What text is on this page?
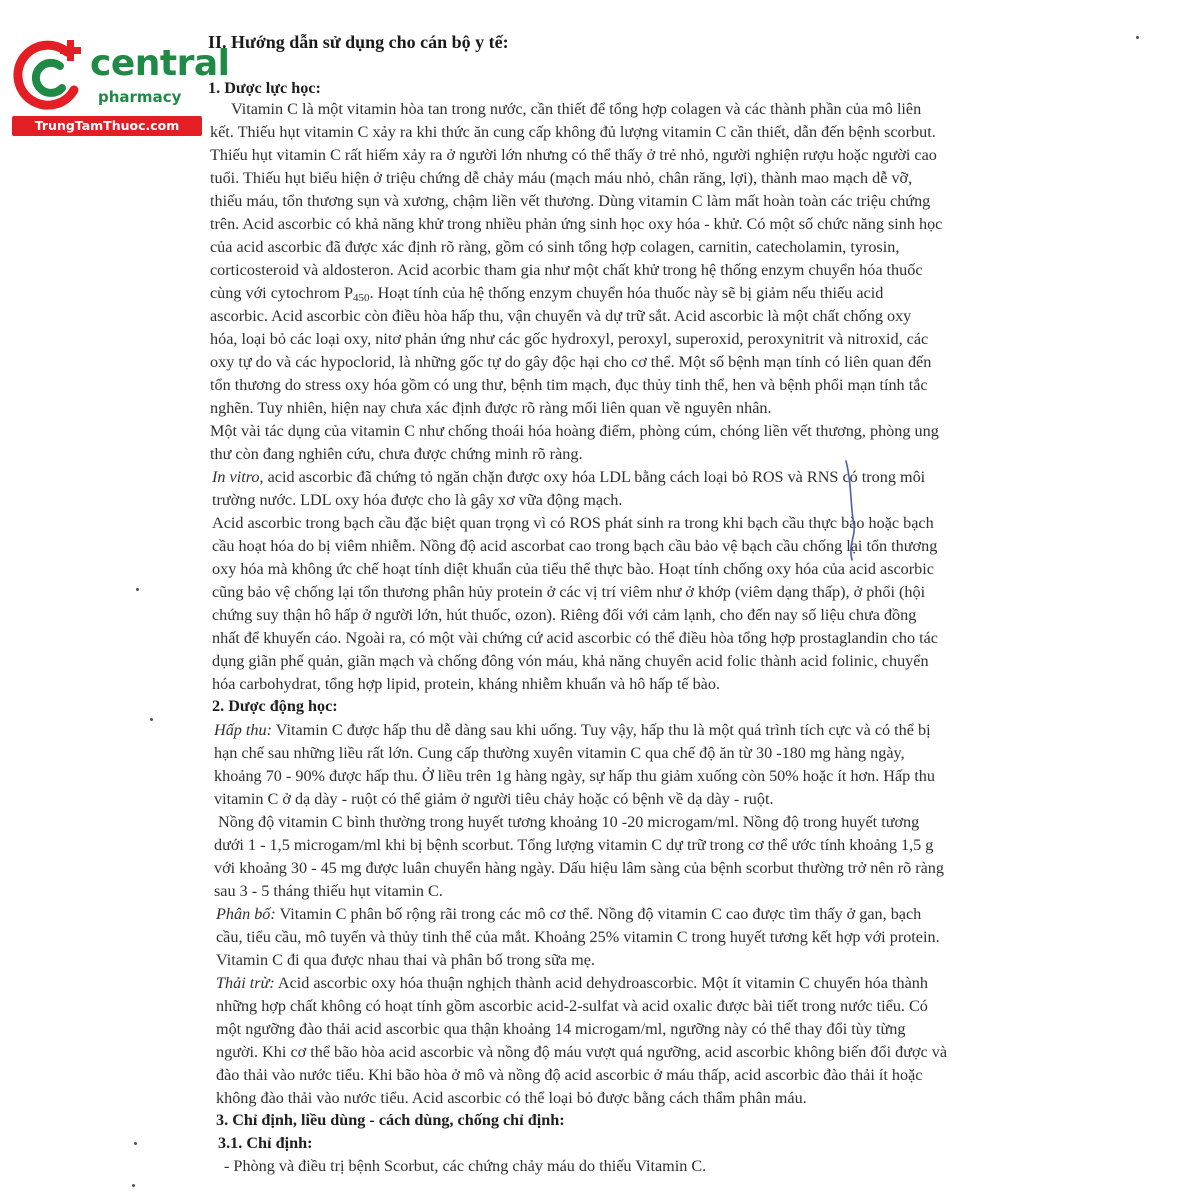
central
pharmacy
TrungTamThuoc.com
II. Hướng dẫn sử dụng cho cán bộ y tế:
1. Dược lực học:
Vitamin C là một vitamin hòa tan trong nước, cần thiết để tổng hợp colagen và các thành phần của mô liên
kết. Thiếu hụt vitamin C xảy ra khi thức ăn cung cấp không đủ lượng vitamin C cần thiết, dẫn đến bệnh scorbut.
Thiếu hụt vitamin C rất hiếm xảy ra ở người lớn nhưng có thể thấy ở trẻ nhỏ, người nghiện rượu hoặc người cao
tuổi. Thiếu hụt biểu hiện ở triệu chứng dễ chảy máu (mạch máu nhỏ, chân răng, lợi), thành mao mạch dễ vỡ,
thiếu máu, tổn thương sụn và xương, chậm liền vết thương. Dùng vitamin C làm mất hoàn toàn các triệu chứng
trên. Acid ascorbic có khả năng khử trong nhiều phản ứng sinh học oxy hóa - khử. Có một số chức năng sinh học
của acid ascorbic đã được xác định rõ ràng, gồm có sinh tổng hợp colagen, carnitin, catecholamin, tyrosin,
corticosteroid và aldosteron. Acid acorbic tham gia như một chất khử trong hệ thống enzym chuyển hóa thuốc
cùng với cytochrom $P_{450}$. Hoạt tính của hệ thống enzym chuyển hóa thuốc này sẽ bị giảm nếu thiếu acid
ascorbic. Acid ascorbic còn điều hòa hấp thu, vận chuyển và dự trữ sắt. Acid ascorbic là một chất chống oxy
hóa, loại bỏ các loại oxy, nitơ phản ứng như các gốc hydroxyl, peroxyl, superoxid, peroxynitrit và nitroxid, các
oxy tự do và các hypoclorid, là những gốc tự do gây độc hại cho cơ thể. Một số bệnh mạn tính có liên quan đến
tổn thương do stress oxy hóa gồm có ung thư, bệnh tim mạch, đục thủy tinh thể, hen và bệnh phổi mạn tính tắc
nghẽn. Tuy nhiên, hiện nay chưa xác định được rõ ràng mối liên quan về nguyên nhân.
Một vài tác dụng của vitamin C như chống thoái hóa hoàng điểm, phòng cúm, chóng liền vết thương, phòng ung
thư còn đang nghiên cứu, chưa được chứng minh rõ ràng.
In vitro, acid ascorbic đã chứng tỏ ngăn chặn được oxy hóa LDL bằng cách loại bỏ ROS và RNS có trong môi
trường nước. LDL oxy hóa được cho là gây xơ vữa động mạch.
Acid ascorbic trong bạch cầu đặc biệt quan trọng vì có ROS phát sinh ra trong khi bạch cầu thực bào hoặc bạch
cầu hoạt hóa do bị viêm nhiễm. Nồng độ acid ascorbat cao trong bạch cầu bảo vệ bạch cầu chống lại tổn thương
oxy hóa mà không ức chế hoạt tính diệt khuẩn của tiểu thể thực bào. Hoạt tính chống oxy hóa của acid ascorbic
cũng bảo vệ chống lại tổn thương phân hủy protein ở các vị trí viêm như ở khớp (viêm dạng thấp), ở phổi (hội
chứng suy thận hô hấp ở người lớn, hút thuốc, ozon). Riêng đối với cảm lạnh, cho đến nay số liệu chưa đồng
nhất để khuyến cáo. Ngoài ra, có một vài chứng cứ acid ascorbic có thể điều hòa tổng hợp prostaglandin cho tác
dụng giãn phế quản, giãn mạch và chống đông vón máu, khả năng chuyển acid folic thành acid folinic, chuyển
hóa carbohydrat, tổng hợp lipid, protein, kháng nhiễm khuẩn và hô hấp tế bào.
2. Dược động học:
Hấp thu: Vitamin C được hấp thu dễ dàng sau khi uống. Tuy vậy, hấp thu là một quá trình tích cực và có thể bị
hạn chế sau những liều rất lớn. Cung cấp thường xuyên vitamin C qua chế độ ăn từ 30 -180 mg hàng ngày,
khoảng 70 - 90% được hấp thu. Ở liều trên 1g hàng ngày, sự hấp thu giảm xuống còn 50% hoặc ít hơn. Hấp thu
vitamin C ở dạ dày - ruột có thể giảm ở người tiêu chảy hoặc có bệnh về dạ dày - ruột.
Nồng độ vitamin C bình thường trong huyết tương khoảng 10 -20 microgam/ml. Nồng độ trong huyết tương
dưới 1 - 1,5 microgam/ml khi bị bệnh scorbut. Tổng lượng vitamin C dự trữ trong cơ thể ước tính khoảng 1,5 g
với khoảng 30 - 45 mg được luân chuyển hàng ngày. Dấu hiệu lâm sàng của bệnh scorbut thường trở nên rõ ràng
sau 3 - 5 tháng thiếu hụt vitamin C.
Phân bố: Vitamin C phân bố rộng rãi trong các mô cơ thể. Nồng độ vitamin C cao được tìm thấy ở gan, bạch
cầu, tiểu cầu, mô tuyến và thủy tinh thể của mắt. Khoảng 25% vitamin C trong huyết tương kết hợp với protein.
Vitamin C đi qua được nhau thai và phân bố trong sữa mẹ.
Thải trừ: Acid ascorbic oxy hóa thuận nghịch thành acid dehydroascorbic. Một ít vitamin C chuyển hóa thành
những hợp chất không có hoạt tính gồm ascorbic acid-2-sulfat và acid oxalic được bài tiết trong nước tiểu. Có
một ngưỡng đào thải acid ascorbic qua thận khoảng 14 microgam/ml, ngưỡng này có thể thay đổi tùy từng
người. Khi cơ thể bão hòa acid ascorbic và nồng độ máu vượt quá ngưỡng, acid ascorbic không biến đổi được và
đào thải vào nước tiểu. Khi bão hòa ở mô và nồng độ acid ascorbic ở máu thấp, acid ascorbic đào thải ít hoặc
không đào thải vào nước tiểu. Acid ascorbic có thể loại bỏ được bằng cách thẩm phân máu.
3. Chỉ định, liều dùng - cách dùng, chống chỉ định:
3.1. Chỉ định:
- Phòng và điều trị bệnh Scorbut, các chứng chảy máu do thiếu Vitamin C.
